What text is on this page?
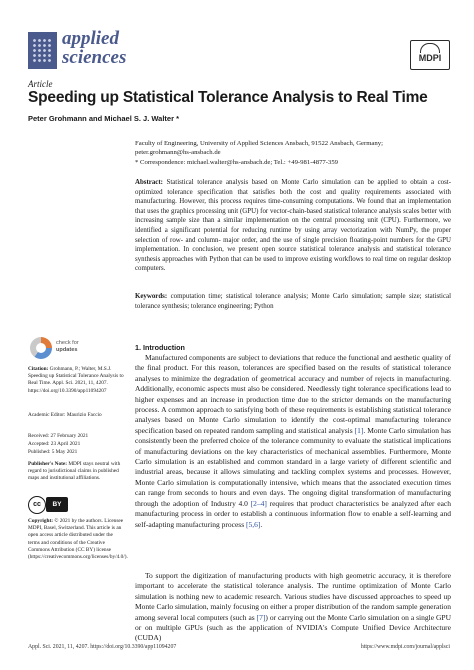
applied
sciences	MDPI
Article
Speeding up Statistical Tolerance Analysis to Real Time
Peter Grohmann and Michael S. J. Walter *
Faculty of Engineering, University of Applied Sciences Ansbach, 91522 Ansbach, Germany;
peter.grohmann@hs-ansbach.de
* Correspondence: michael.walter@hs-ansbach.de; Tel.: +49-981-4877-359
Abstract: Statistical tolerance analysis based on Monte Carlo simulation can be applied to obtain a cost-optimized tolerance specification that satisfies both the cost and quality requirements associated with manufacturing. However, this process requires time-consuming computations. We found that an implementation that uses the graphics processing unit (GPU) for vector-chain-based statistical tolerance analysis scales better with increasing sample size than a similar implementation on the central processing unit (CPU). Furthermore, we identified a significant potential for reducing runtime by using array vectorization with NumPy, the proper selection of row- and column- major order, and the use of single precision floating-point numbers for the GPU implementation. In conclusion, we present open source statistical tolerance analysis and statistical tolerance synthesis approaches with Python that can be used to improve existing workflows to real time on regular desktop computers.
Keywords: computation time; statistical tolerance analysis; Monte Carlo simulation; sample size; statistical tolerance synthesis; tolerance engineering; Python
check for
updates

Citation: Grohmann, P.; Walter, M.S.J. Speeding up Statistical Tolerance Analysis to Real Time. Appl. Sci. 2021, 11, 4207. https://doi.org/10.3390/app11094207

Academic Editor: Maurizio Faccio
Received: 27 February 2021
Accepted: 23 April 2021
Published: 5 May 2021

Publisher's Note: MDPI stays neutral with regard to jurisdictional claims in published maps and institutional affiliations.

cc	BY

Copyright: © 2021 by the authors. Licensee MDPI, Basel, Switzerland. This article is an open access article distributed under the terms and conditions of the Creative Commons Attribution (CC BY) license (https://creativecommons.org/licenses/by/4.0/).

1. Introduction

Manufactured components are subject to deviations that reduce the functional and aesthetic quality of the final product. For this reason, tolerances are specified based on the results of statistical tolerance analyses to minimize the degradation of geometrical accuracy and number of rejects in manufacturing. Additionally, economic aspects must also be considered. Needlessly tight tolerance specifications lead to higher expenses and an increase in production time due to the stricter demands on the manufacturing process. A common approach to satisfying both of these requirements is establishing statistical tolerance analyses based on Monte Carlo simulation to identify the cost-optimal manufacturing tolerance specification based on repeated random sampling and statistical analysis [1]. Monte Carlo simulation has consistently been the preferred choice of the tolerance community to evaluate the statistical implications of manufacturing deviations on the key characteristics of mechanical assemblies. Furthermore, Monte Carlo simulation is an established and common standard in a large variety of different scientific and industrial areas, because it allows simulating and tackling complex systems and processes. However, Monte Carlo simulation is computationally intensive, which means that the associated execution times can range from seconds to hours and even days. The ongoing digital transformation of manufacturing through the adoption of Industry 4.0 [2–4] requires that product characteristics be analyzed after each manufacturing process in order to establish a continuous information flow to enable a self-learning and self-adapting manufacturing process [5,6].

To support the digitization of manufacturing products with high geometric accuracy, it is therefore important to accelerate the statistical tolerance analysis. The runtime optimization of Monte Carlo simulation is nothing new to academic research. Various studies have discussed approaches to speed up Monte Carlo simulation, mainly focusing on either a proper distribution of the random sample generation among several local computers (such as [7]) or carrying out the Monte Carlo simulation on a single GPU or on multiple GPUs (such as the application of NVIDIA's Compute Unified Device Architecture (CUDA)

Appl. Sci. 2021, 11, 4207. https://doi.org/10.3390/app11094207	https://www.mdpi.com/journal/applsci
